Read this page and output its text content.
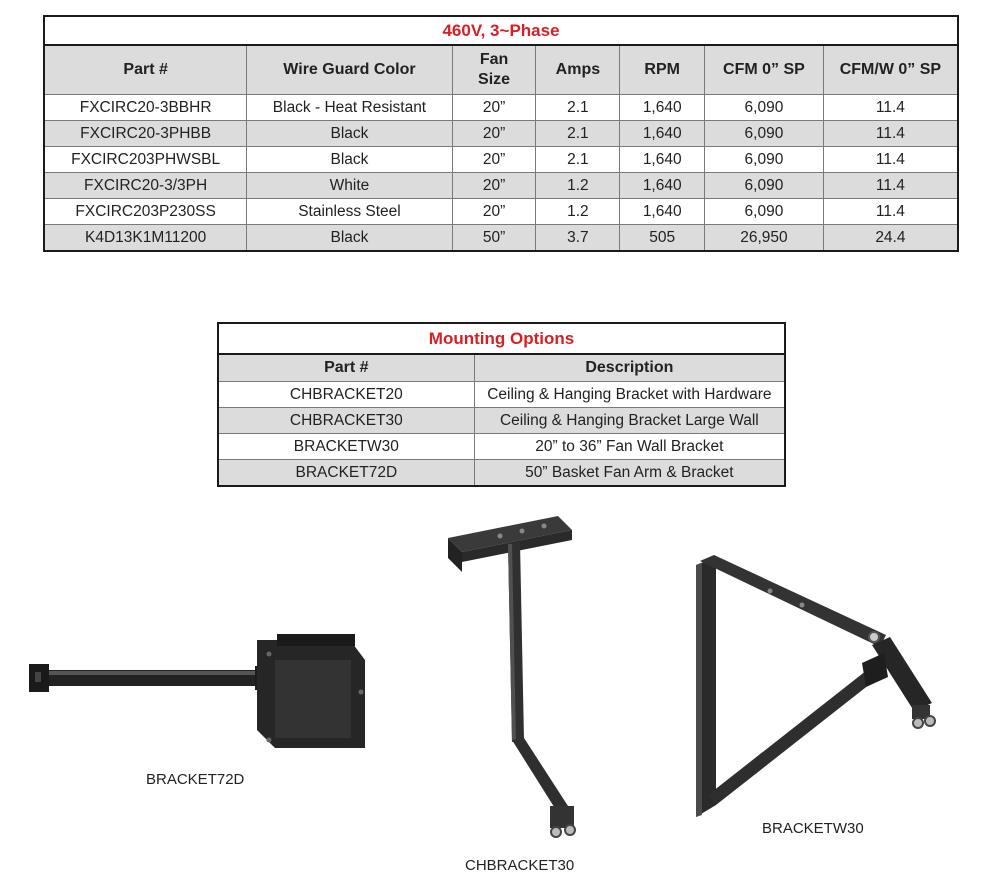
460V, 3~Phase						
Part #	Wire Guard Color	Fan Size	Amps	RPM	CFM 0” SP	CFM/W 0” SP
FXCIRC20-3BBHR	Black - Heat Resistant	20”	2.1	1,640	6,090	11.4
FXCIRC20-3PHBB	Black	20”	2.1	1,640	6,090	11.4
FXCIRC203PHWSBL	Black	20”	2.1	1,640	6,090	11.4
FXCIRC20-3/3PH	White	20”	1.2	1,640	6,090	11.4
FXCIRC203P230SS	Stainless Steel	20”	1.2	1,640	6,090	11.4
K4D13K1M11200	Black	50”	3.7	505	26,950	24.4
Mounting Options	
Part #	Description
CHBRACKET20	Ceiling & Hanging Bracket with Hardware
CHBRACKET30	Ceiling & Hanging Bracket Large Wall
BRACKETW30	20” to 36” Fan Wall Bracket
BRACKET72D	50” Basket Fan Arm & Bracket
BRACKET72D
CHBRACKET30
BRACKETW30
